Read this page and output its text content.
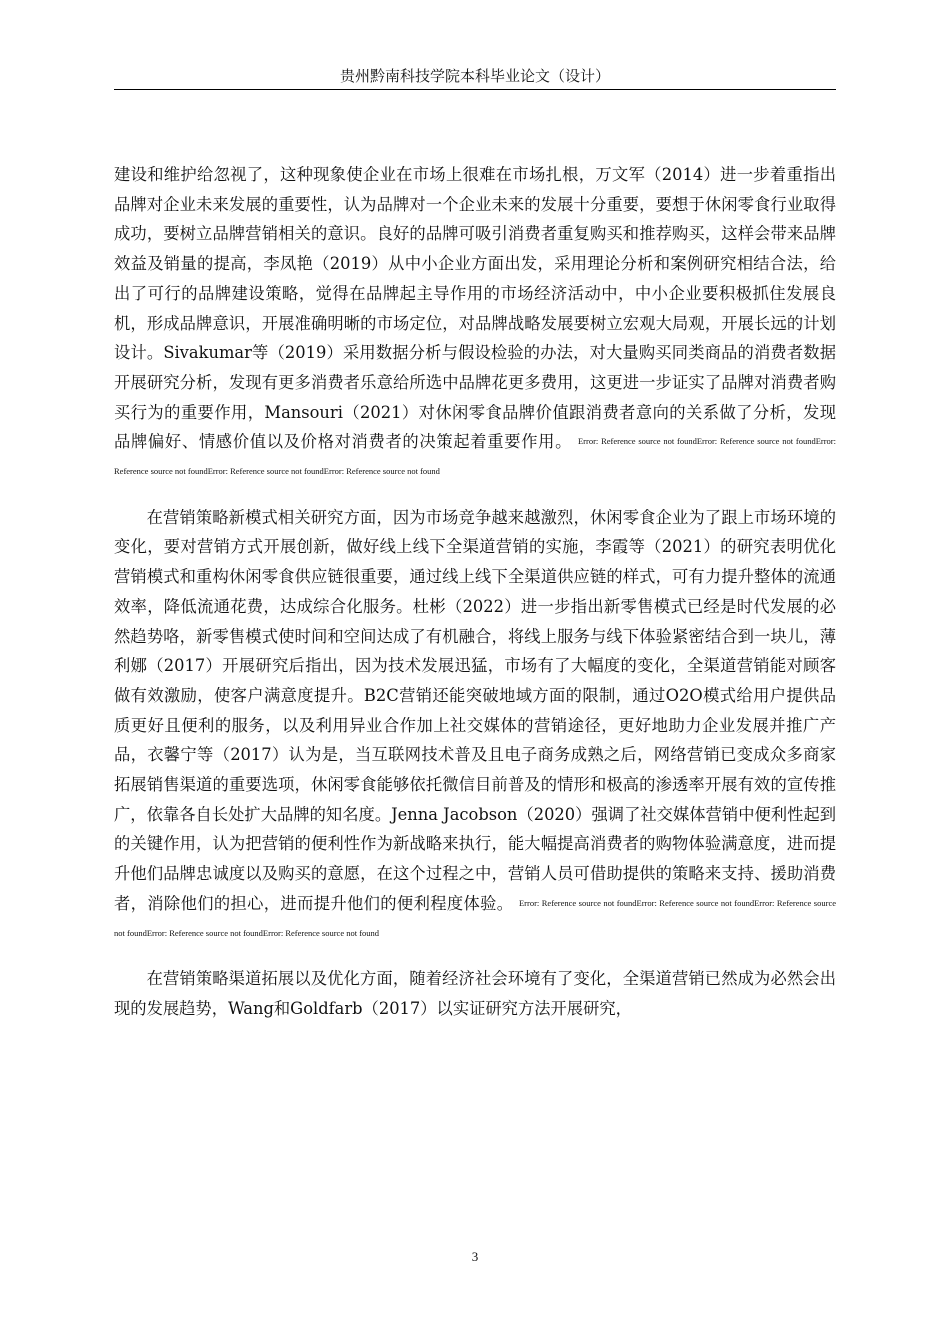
贵州黔南科技学院本科毕业论文（设计）

建设和维护给忽视了，这种现象使企业在市场上很难在市场扎根，万文军（2014）进一步着重指出品牌对企业未来发展的重要性，认为品牌对一个企业未来的发展十分重要，要想于休闲零食行业取得成功，要树立品牌营销相关的意识。良好的品牌可吸引消费者重复购买和推荐购买，这样会带来品牌效益及销量的提高，李凤艳（2019）从中小企业方面出发，采用理论分析和案例研究相结合法，给出了可行的品牌建设策略，觉得在品牌起主导作用的市场经济活动中，中小企业要积极抓住发展良机，形成品牌意识，开展准确明晰的市场定位，对品牌战略发展要树立宏观大局观，开展长远的计划设计。Sivakumar等（2019）采用数据分析与假设检验的办法，对大量购买同类商品的消费者数据开展研究分析，发现有更多消费者乐意给所选中品牌花更多费用，这更进一步证实了品牌对消费者购买行为的重要作用，Mansouri（2021）对休闲零食品牌价值跟消费者意向的关系做了分析，发现品牌偏好、情感价值以及价格对消费者的决策起着重要作用。 $^{Error: Reference source not foundError: Reference source not foundError: Reference source not foundError: Reference source not foundError: Reference source not found}$

在营销策略新模式相关研究方面，因为市场竞争越来越激烈，休闲零食企业为了跟上市场环境的变化，要对营销方式开展创新，做好线上线下全渠道营销的实施，李霞等（2021）的研究表明优化营销模式和重构休闲零食供应链很重要，通过线上线下全渠道供应链的样式，可有力提升整体的流通效率，降低流通花费，达成综合化服务。杜彬（2022）进一步指出新零售模式已经是时代发展的必然趋势咯，新零售模式使时间和空间达成了有机融合，将线上服务与线下体验紧密结合到一块儿，薄利娜（2017）开展研究后指出，因为技术发展迅猛，市场有了大幅度的变化，全渠道营销能对顾客做有效激励，使客户满意度提升。B2C营销还能突破地域方面的限制，通过O2O模式给用户提供品质更好且便利的服务，以及利用异业合作加上社交媒体的营销途径，更好地助力企业发展并推广产品，衣馨宁等（2017）认为是，当互联网技术普及且电子商务成熟之后，网络营销已变成众多商家拓展销售渠道的重要选项，休闲零食能够依托微信目前普及的情形和极高的渗透率开展有效的宣传推广，依靠各自长处扩大品牌的知名度。Jenna Jacobson（2020）强调了社交媒体营销中便利性起到的关键作用，认为把营销的便利性作为新战略来执行，能大幅提高消费者的购物体验满意度，进而提升他们品牌忠诚度以及购买的意愿，在这个过程之中，营销人员可借助提供的策略来支持、援助消费者，消除他们的担心，进而提升他们的便利程度体验。 $^{Error: Reference source not foundError: Reference source not foundError: Reference source not foundError: Reference source not foundError: Reference source not found}$

在营销策略渠道拓展以及优化方面，随着经济社会环境有了变化，全渠道营销已然成为必然会出现的发展趋势，Wang和Goldfarb（2017）以实证研究方法开展研究，

3
